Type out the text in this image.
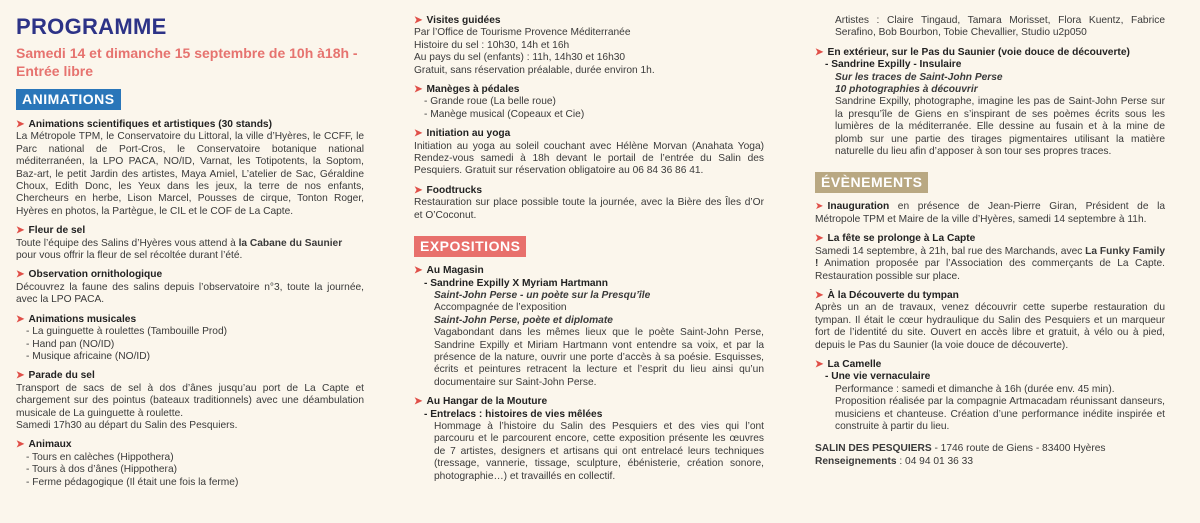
PROGRAMME
Samedi 14 et dimanche 15 septembre de 10h à18h - Entrée libre
ANIMATIONS
➤ Animations scientifiques et artistiques (30 stands)

La Métropole TPM, le Conservatoire du Littoral, la ville d’Hyères, le CCFF, le Parc national de Port-Cros, le Conservatoire botanique national méditerranéen, la LPO PACA, NO/ID, Varnat, les Totipotents, la Soptom, Baz-art, le petit Jardin des artistes, Maya Amiel, L’atelier de Sac, Géraldine Choux, Edith Donc, les Yeux dans les jeux, la terre de nos enfants, Chercheurs en herbe, Lison Marcel, Pousses de cirque, Tonton Roger, Hyères en photos, la Partègue, le CIL et le COF de La Capte.

➤ Fleur de sel

Toute l’équipe des Salins d’Hyères vous attend à la Cabane du Saunier
pour vous offrir la fleur de sel récoltée durant l’été.

➤ Observation ornithologique

Découvrez la faune des salins depuis l’observatoire n°3, toute la journée, avec la LPO PACA.

➤ Animations musicales
- La guinguette à roulettes (Tambouille Prod)
- Hand pan (NO/ID)
- Musique africaine (NO/ID)
➤ Parade du sel

Transport de sacs de sel à dos d’ânes jusqu’au port de La Capte et chargement sur des pointus (bateaux traditionnels) avec une déambulation musicale de La guinguette à roulette.

Samedi 17h30 au départ du Salin des Pesquiers.

➤ Animaux
- Tours en calèches (Hippothera)
- Tours à dos d’ânes (Hippothera)
- Ferme pédagogique (Il était une fois la ferme)
➤ Visites guidées
Par l’Office de Tourisme Provence Méditerranée
Histoire du sel : 10h30, 14h et 16h
Au pays du sel (enfants) : 11h, 14h30 et 16h30
Gratuit, sans réservation préalable, durée environ 1h.
➤ Manèges à pédales
- Grande roue (La belle roue)
- Manège musical (Copeaux et Cie)
➤ Initiation au yoga

Initiation au yoga au soleil couchant avec Hélène Morvan (Anahata Yoga) Rendez-vous samedi à 18h devant le portail de l’entrée du Salin des Pesquiers. Gratuit sur réservation obligatoire au 06 84 36 86 41.

➤ Foodtrucks

Restauration sur place possible toute la journée, avec la Bière des Îles d’Or et O’Coconut.

EXPOSITIONS
➤ Au Magasin
- Sandrine Expilly X Myriam Hartmann
Saint-John Perse - un poète sur la Presqu’île
Accompagnée de l’exposition
Saint-John Perse, poète et diplomate

Vagabondant dans les mêmes lieux que le poète Saint-John Perse, Sandrine Expilly et Miriam Hartmann vont entendre sa voix, et par la présence de la nature, ouvrir une porte d’accès à sa poésie. Esquisses, écrits et peintures retracent la lecture et l’esprit du lieu ainsi qu’un documentaire sur Saint-John Perse.

➤ Au Hangar de la Mouture
- Entrelacs : histoires de vies mêlées

Hommage à l’histoire du Salin des Pesquiers et des vies qui l’ont parcouru et le parcourent encore, cette exposition présente les œuvres de 7 artistes, designers et artisans qui ont entrelacé leurs techniques (tressage, vannerie, tissage, sculpture, ébénisterie, création sonore, photographie…) et travaillés en collectif.

Artistes : Claire Tingaud, Tamara Morisset, Flora Kuentz, Fabrice Serafino, Bob Bourbon, Tobie Chevallier, Studio u2p050

➤ En extérieur, sur le Pas du Saunier (voie douce de découverte)
- Sandrine Expilly - Insulaire
Sur les traces de Saint-John Perse
10 photographies à découvrir

Sandrine Expilly, photographe, imagine les pas de Saint-John Perse sur la presqu’île de Giens en s’inspirant de ses poèmes écrits sous les lumières de la méditerranée. Elle dessine au fusain et à la mine de plomb sur une partie des tirages pigmentaires utilisant la matière naturelle du lieu afin d’apposer à son tour ses propres traces.

ÉVÈNEMENTS

➤ Inauguration en présence de Jean-Pierre Giran, Président de la Métropole TPM et Maire de la ville d’Hyères, samedi 14 septembre à 11h.

➤ La fête se prolonge à La Capte

Samedi 14 septembre, à 21h, bal rue des Marchands, avec La Funky Family ! Animation proposée par l’Association des commerçants de La Capte. Restauration possible sur place.

➤ À la Découverte du tympan

Après un an de travaux, venez découvrir cette superbe restauration du tympan. Il était le cœur hydraulique du Salin des Pesquiers et un marqueur fort de l’identité du site. Ouvert en accès libre et gratuit, à vélo ou à pied, depuis le Pas du Saunier (la voie douce de découverte).

➤ La Camelle
- Une vie vernaculaire
Performance : samedi et dimanche à 16h (durée env. 45 min).

Proposition réalisée par la compagnie Artmacadam réunissant danseurs, musiciens et chanteuse. Création d’une performance inédite inspirée et construite à partir du lieu.

SALIN DES PESQUIERS - 1746 route de Giens - 83400 Hyères
Renseignements : 04 94 01 36 33
